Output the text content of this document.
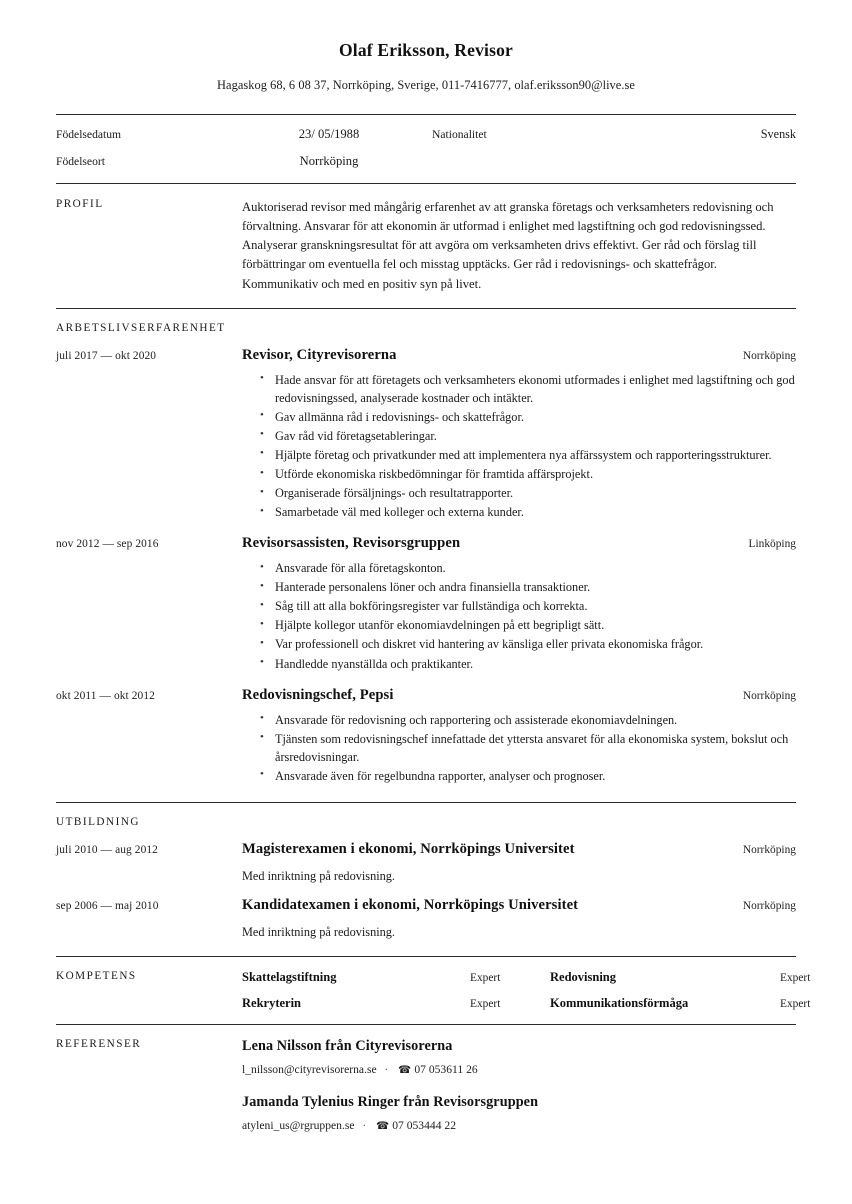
Olaf Eriksson, Revisor
Hagaskog 68, 6 08 37, Norrköping, Sverige, 011-7416777, olaf.eriksson90@live.se
Födelsedatum	23/ 05/1988	Nationalitet	Svensk
Födelseort	Norrköping
PROFIL	Auktoriserad revisor med mångårig erfarenhet av att granska företags och verksamheters redovisning och förvaltning. Ansvarar för att ekonomin är utformad i enlighet med lagstiftning och god redovisningssed. Analyserar granskningsresultat för att avgöra om verksamheten drivs effektivt. Ger råd och förslag till förbättringar om eventuella fel och misstag upptäcks. Ger råd i redovisnings- och skattefrågor. Kommunikativ och med en positiv syn på livet.
ARBETSLIVSERFARENHET
juli 2017 — okt 2020	Revisor, Cityrevisorerna	Norrköping
• Hade ansvar för att företagets och verksamheters ekonomi utformades i enlighet med lagstiftning och god redovisningssed, analyserade kostnader och intäkter.
• Gav allmänna råd i redovisnings- och skattefrågor.
• Gav råd vid företagsetableringar.
• Hjälpte företag och privatkunder med att implementera nya affärssystem och rapporteringsstrukturer.
• Utförde ekonomiska riskbedömningar för framtida affärsprojekt.
• Organiserade försäljnings- och resultatrapporter.
• Samarbetade väl med kolleger och externa kunder.
nov 2012 — sep 2016	Revisorsassisten, Revisorsgruppen	Linköping
• Ansvarade för alla företagskonton.
• Hanterade personalens löner och andra finansiella transaktioner.
• Såg till att alla bokföringsregister var fullständiga och korrekta.
• Hjälpte kollegor utanför ekonomiavdelningen på ett begripligt sätt.
• Var professionell och diskret vid hantering av känsliga eller privata ekonomiska frågor.
• Handledde nyanställda och praktikanter.
okt 2011 — okt 2012	Redovisningschef, Pepsi	Norrköping
• Ansvarade för redovisning och rapportering och assisterade ekonomiavdelningen.
• Tjänsten som redovisningschef innefattade det yttersta ansvaret för alla ekonomiska system, bokslut och årsredovisningar.
• Ansvarade även för regelbundna rapporter, analyser och prognoser.
UTBILDNING
juli 2010 — aug 2012	Magisterexamen i ekonomi, Norrköpings Universitet	Norrköping
Med inriktning på redovisning.
sep 2006 — maj 2010	Kandidatexamen i ekonomi, Norrköpings Universitet	Norrköping
Med inriktning på redovisning.
KOMPETENS	Skattelagstiftning	Expert	Redovisning	Expert
Rekryterin	Expert	Kommunikationsförmåga	Expert
REFERENSER	Lena Nilsson från Cityrevisorerna
l_nilsson@cityrevisorerna.se · ☎ 07 053611 26
Jamanda Tylenius Ringer från Revisorsgruppen
atyleni_us@rgruppen.se · ☎ 07 053444 22
